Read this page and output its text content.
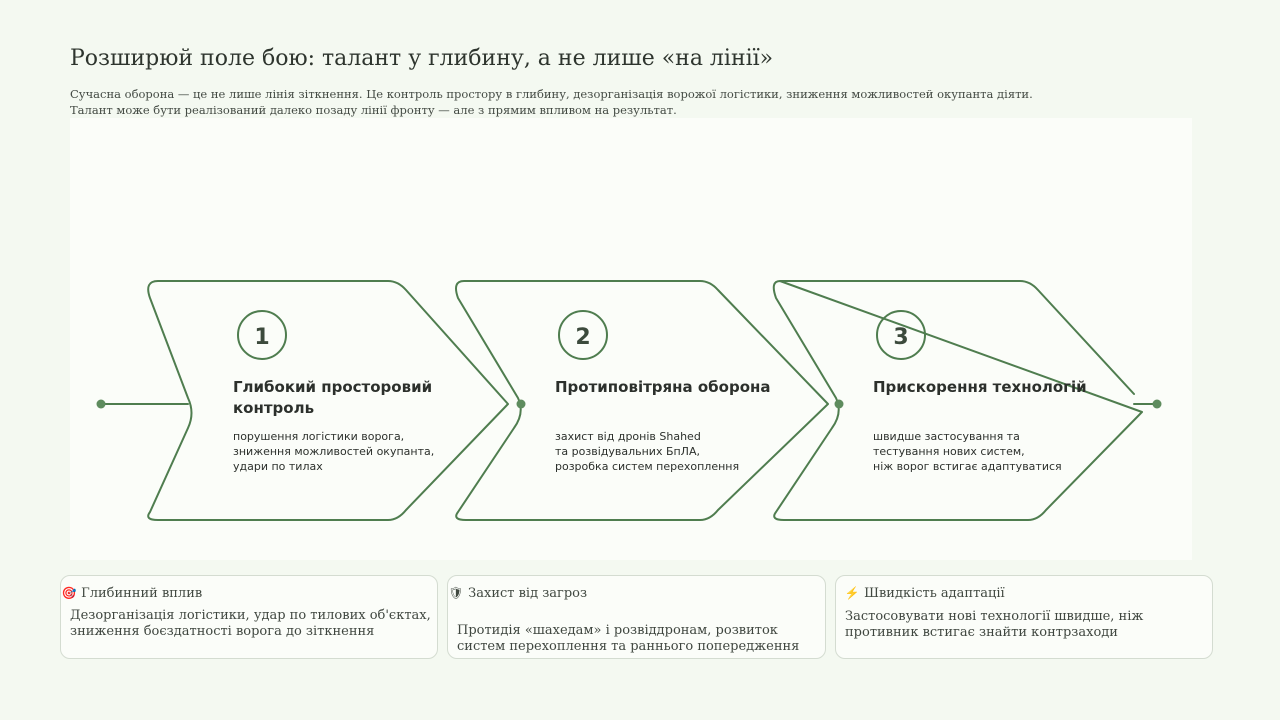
Розширюй поле бою: талант у глибину, а не лише «на лінії»
Сучасна оборона — це не лише лінія зіткнення. Це контроль простору в глибину, дезорганізація ворожої логістики, зниження можливостей окупанта діяти.
Талант може бути реалізований далеко позаду лінії фронту — але з прямим впливом на результат.
1
Глибокий просторовий
контроль
порушення логістики ворога,
зниження можливостей окупанта,
удари по тилах
2
Протиповітряна оборона
захист від дронів Shahed
та розвідувальних БпЛА,
розробка систем перехоплення
3
Прискорення технологій
швидше застосування та
тестування нових систем,
ніж ворог встигає адаптуватися
🎯 Глибинний вплив
Дезорганізація логістики, удар по тилових об'єктах,
зниження боєздатності ворога до зіткнення
🛡 Захист від загроз
Протидія «шахедам» і розвіддронам, розвиток
систем перехоплення та раннього попередження
⚡ Швидкість адаптації
Застосовувати нові технології швидше, ніж
противник встигає знайти контрзаходи
